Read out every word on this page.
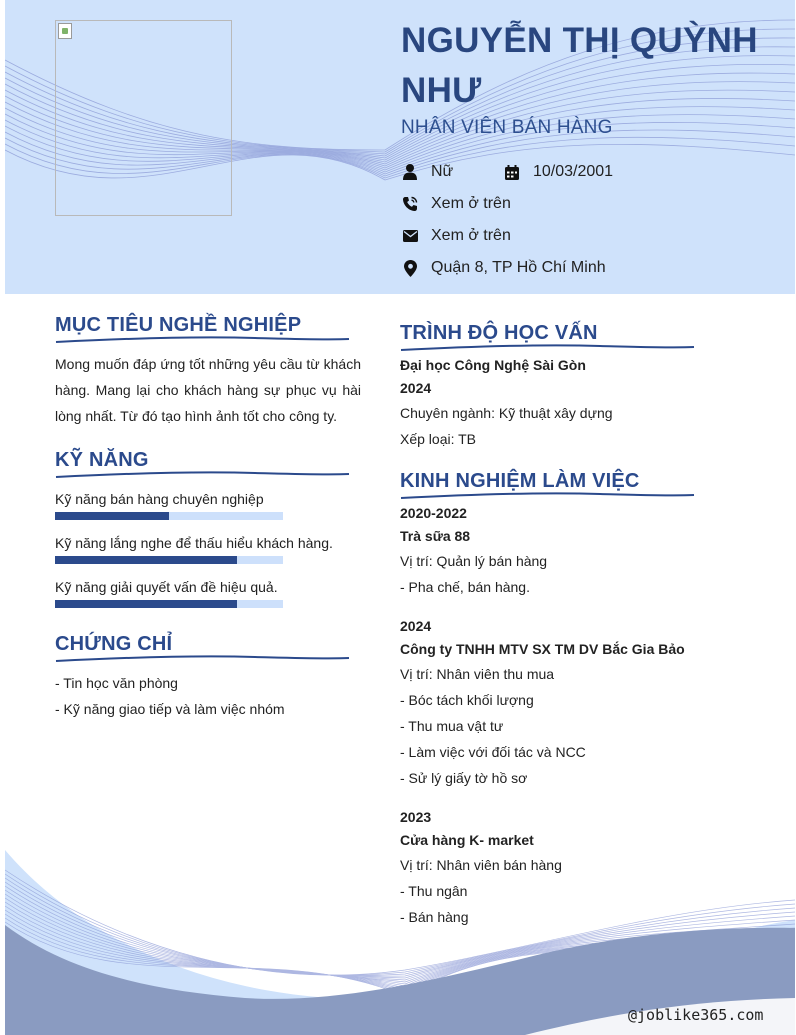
NGUYỄN THỊ QUỲNH NHƯ
NHÂN VIÊN BÁN HÀNG
Nữ	10/03/2001
Xem ở trên
Xem ở trên
Quận 8, TP Hồ Chí Minh
@joblike365.com
MỤC TIÊU NGHỀ NGHIỆP
Mong muốn đáp ứng tốt những yêu cầu từ khách hàng. Mang lại cho khách hàng sự phục vụ hài lòng nhất. Từ đó tạo hình ảnh tốt cho công ty.
KỸ NĂNG
Kỹ năng bán hàng chuyên nghiệp
Kỹ năng lắng nghe để thấu hiểu khách hàng.
Kỹ năng giải quyết vấn đề hiệu quả.
CHỨNG CHỈ
- Tin học văn phòng
- Kỹ năng giao tiếp và làm việc nhóm
TRÌNH ĐỘ HỌC VẤN
Đại học Công Nghệ Sài Gòn
2024
Chuyên ngành: Kỹ thuật xây dựng
Xếp loại: TB
KINH NGHIỆM LÀM VIỆC
2020-2022
Trà sữa 88
Vị trí: Quản lý bán hàng
- Pha chế, bán hàng.
2024
Công ty TNHH MTV SX TM DV Bắc Gia Bảo
Vị trí: Nhân viên thu mua
- Bóc tách khối lượng
- Thu mua vật tư
- Làm việc với đối tác và NCC
- Sử lý giấy tờ hồ sơ
2023
Cửa hàng K- market
Vị trí: Nhân viên bán hàng
- Thu ngân
- Bán hàng
